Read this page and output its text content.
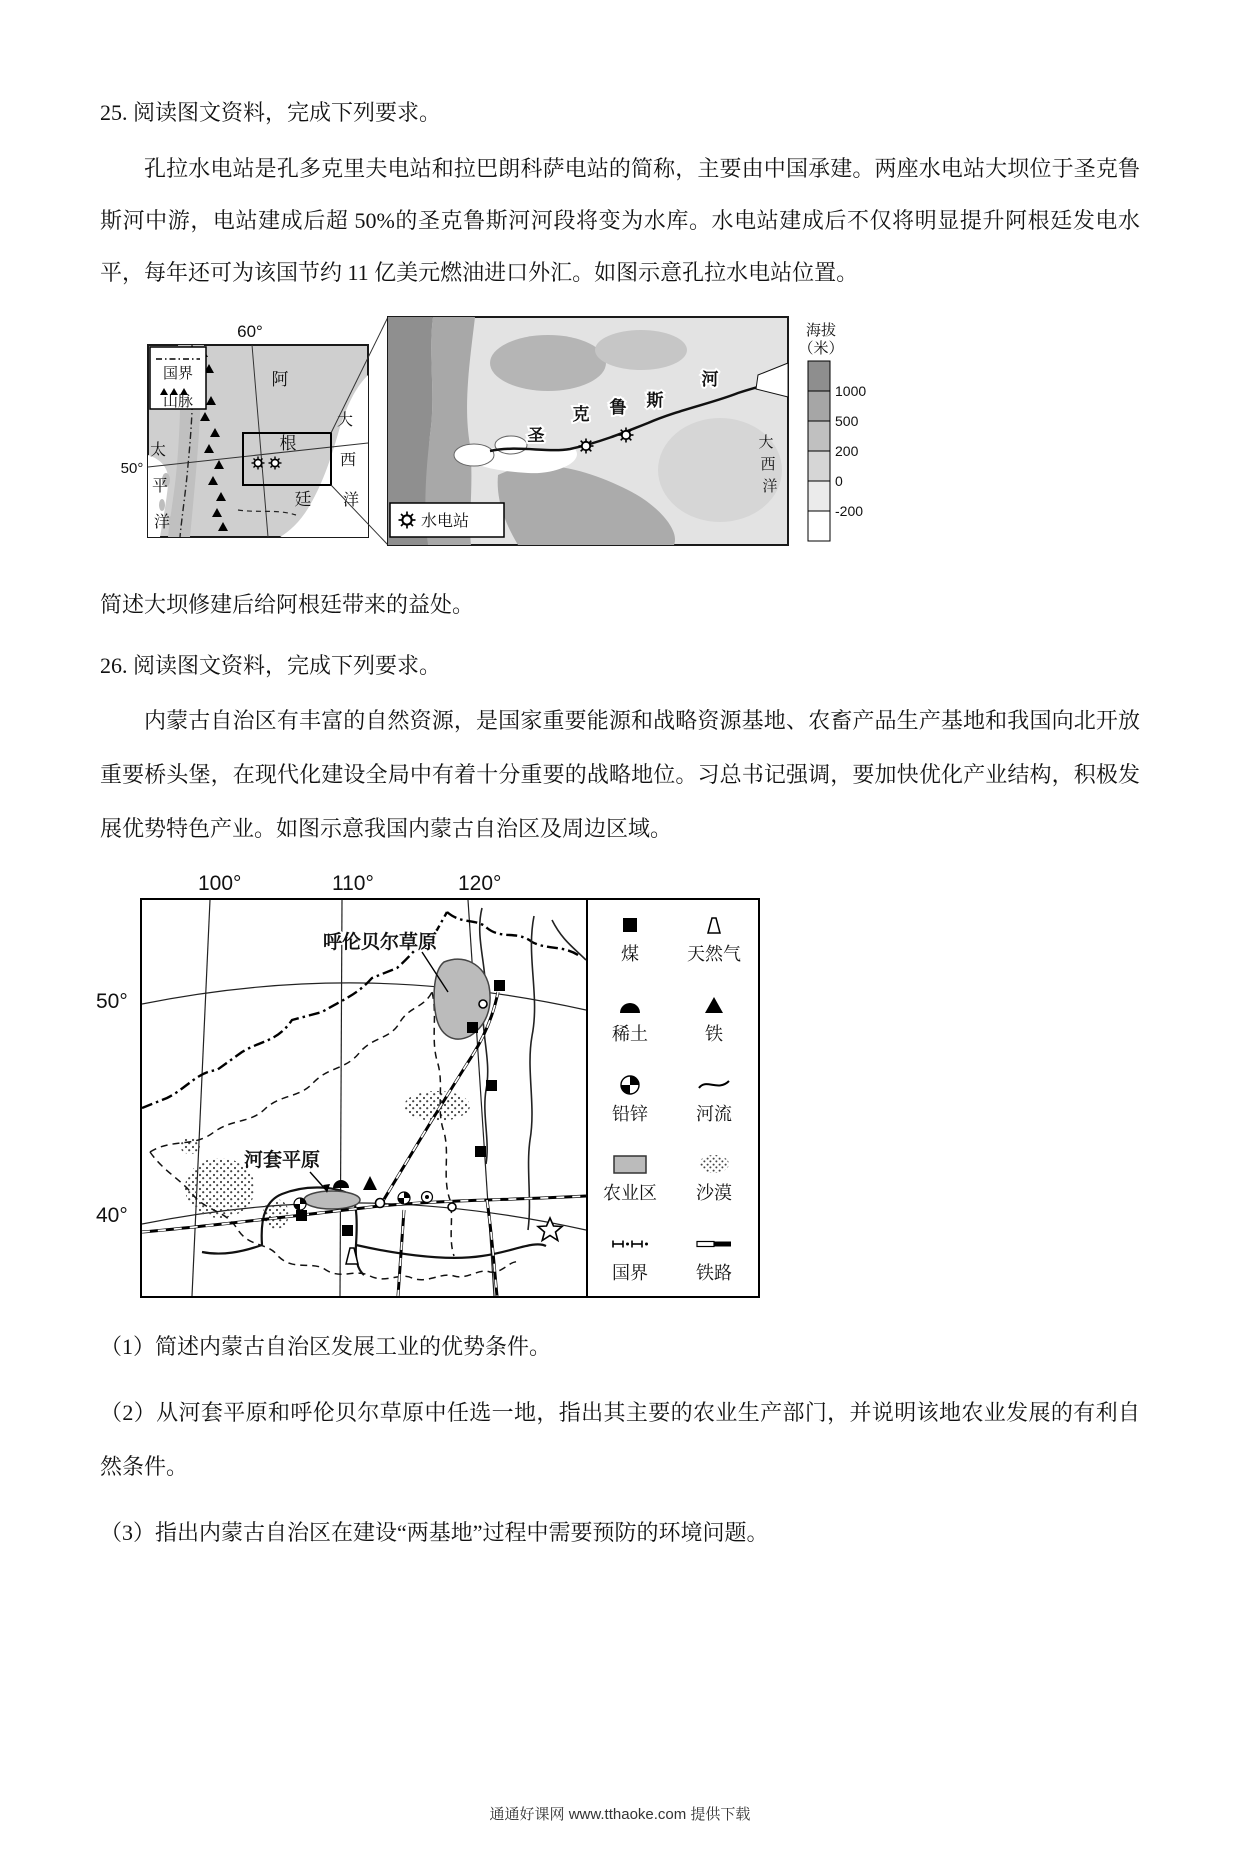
25. 阅读图文资料，完成下列要求。
孔拉水电站是孔多克里夫电站和拉巴朗科萨电站的简称，主要由中国承建。两座水电站大坝位于圣克鲁斯河中游，电站建成后超 50%的圣克鲁斯河河段将变为水库。水电站建成后不仅将明显提升阿根廷发电水平，每年还可为该国节约 11 亿美元燃油进口外汇。如图示意孔拉水电站位置。
60°
50°
国界
山脉
阿
根
廷
太
平
洋
大
西
洋
圣
克 鲁 斯
河
大
西
洋
水电站
海拔
（米）
1000
500
200
0
-200
简述大坝修建后给阿根廷带来的益处。
26. 阅读图文资料，完成下列要求。
内蒙古自治区有丰富的自然资源，是国家重要能源和战略资源基地、农畜产品生产基地和我国向北开放重要桥头堡，在现代化建设全局中有着十分重要的战略地位。习总书记强调，要加快优化产业结构，积极发展优势特色产业。如图示意我国内蒙古自治区及周边区域。
100°	110°	120°
50°
40°
呼伦贝尔草原
河套平原
煤	天然气
稀土	铁
铅锌	河流
农业区 沙漠
国界	铁路
（1）简述内蒙古自治区发展工业的优势条件。
（2）从河套平原和呼伦贝尔草原中任选一地，指出其主要的农业生产部门，并说明该地农业发展的有利自然条件。
（3）指出内蒙古自治区在建设“两基地”过程中需要预防的环境问题。
通通好课网 www.tthaoke.com 提供下载
